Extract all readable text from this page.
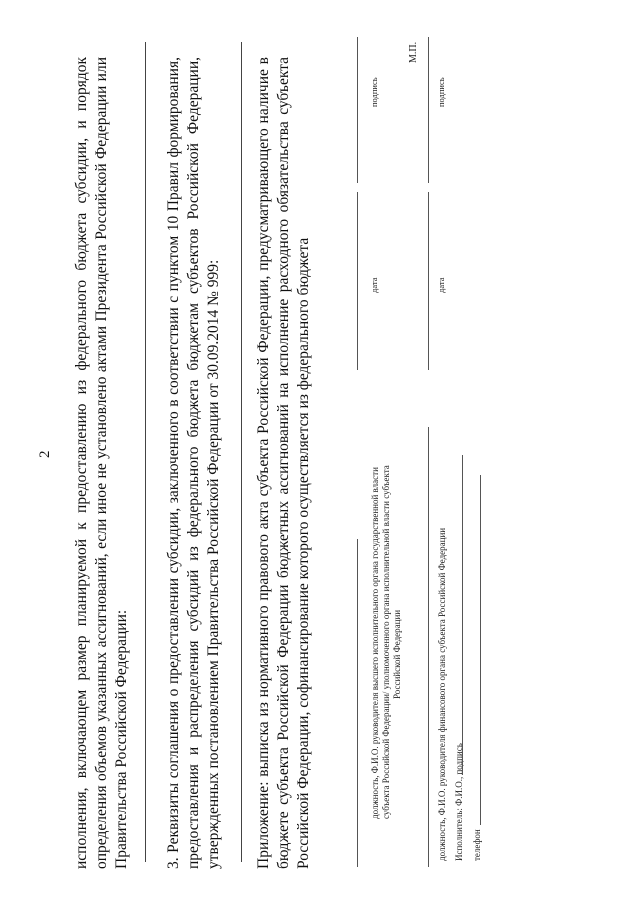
2 исполнения, включающем размер планируемой к предоставлению из федерального бюджета субсидии, и порядок определения объемов указанных ассигнований, если иное не установлено актами Президента Российской Федерации или Правительства Российской Федерации: 3. Реквизиты соглашения о предоставлении субсидии, заключенного в соответствии с пунктом 10 Правил формирования, предоставления и распределения субсидий из федерального бюджета бюджетам субъектов Российской Федерации, утвержденных постановлением Правительства Российской Федерации от 30.09.2014 № 999: Приложение: выписка из нормативного правового акта субъекта Российской Федерации, предусматривающего наличие в бюджете субъекта Российской Федерации бюджетных ассигнований на исполнение расходного обязательства субъекта Российской Федерации, софинансирование которого осуществляется из федерального бюджета	должность, Ф.И.О. руководителя высшего исполнительного органа государственной власти субъекта Российской Федерации/ уполномоченного органа исполнительной власти субъекта Российской Федерации
дата
подпись
М.П.
должность, Ф.И.О. руководителя финансового органа субъекта Российской Федерации
дата
подпись
Исполнитель: Ф.И.О., подпись телефон
